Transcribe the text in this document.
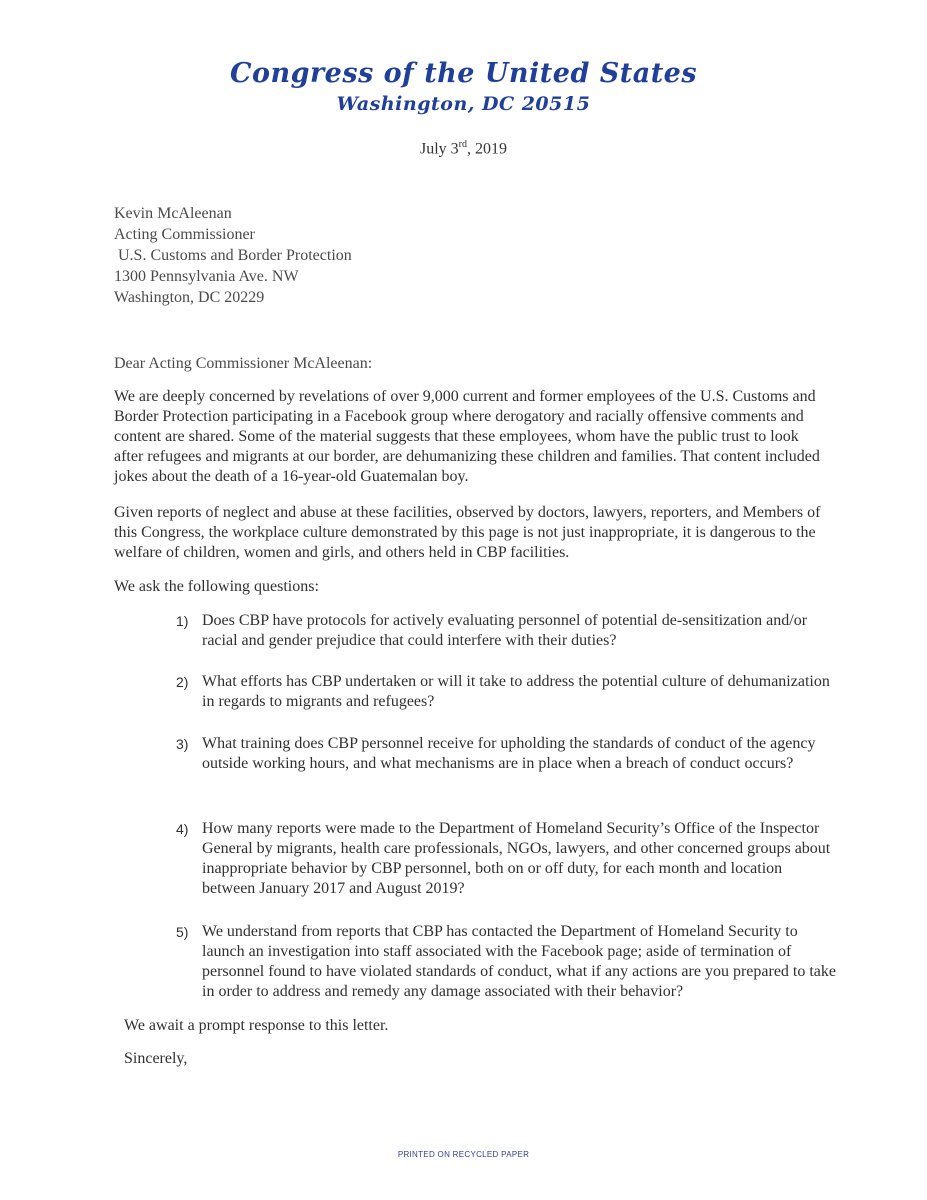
Congress of the United States
Washington, DC 20515
July 3rd, 2019
Kevin McAleenan
Acting Commissioner
U.S. Customs and Border Protection
1300 Pennsylvania Ave. NW
Washington, DC 20229
Dear Acting Commissioner McAleenan:
We are deeply concerned by revelations of over 9,000 current and former employees of the U.S. Customs and Border Protection participating in a Facebook group where derogatory and racially offensive comments and content are shared. Some of the material suggests that these employees, whom have the public trust to look after refugees and migrants at our border, are dehumanizing these children and families. That content included jokes about the death of a 16-year-old Guatemalan boy.
Given reports of neglect and abuse at these facilities, observed by doctors, lawyers, reporters, and Members of this Congress, the workplace culture demonstrated by this page is not just inappropriate, it is dangerous to the welfare of children, women and girls, and others held in CBP facilities.
We ask the following questions:
1) Does CBP have protocols for actively evaluating personnel of potential de-sensitization and/or racial and gender prejudice that could interfere with their duties?
2) What efforts has CBP undertaken or will it take to address the potential culture of dehumanization in regards to migrants and refugees?
3) What training does CBP personnel receive for upholding the standards of conduct of the agency outside working hours, and what mechanisms are in place when a breach of conduct occurs?
4) How many reports were made to the Department of Homeland Security’s Office of the Inspector General by migrants, health care professionals, NGOs, lawyers, and other concerned groups about inappropriate behavior by CBP personnel, both on or off duty, for each month and location between January 2017 and August 2019?
5) We understand from reports that CBP has contacted the Department of Homeland Security to launch an investigation into staff associated with the Facebook page; aside of termination of personnel found to have violated standards of conduct, what if any actions are you prepared to take in order to address and remedy any damage associated with their behavior?
We await a prompt response to this letter.
Sincerely,
PRINTED ON RECYCLED PAPER
